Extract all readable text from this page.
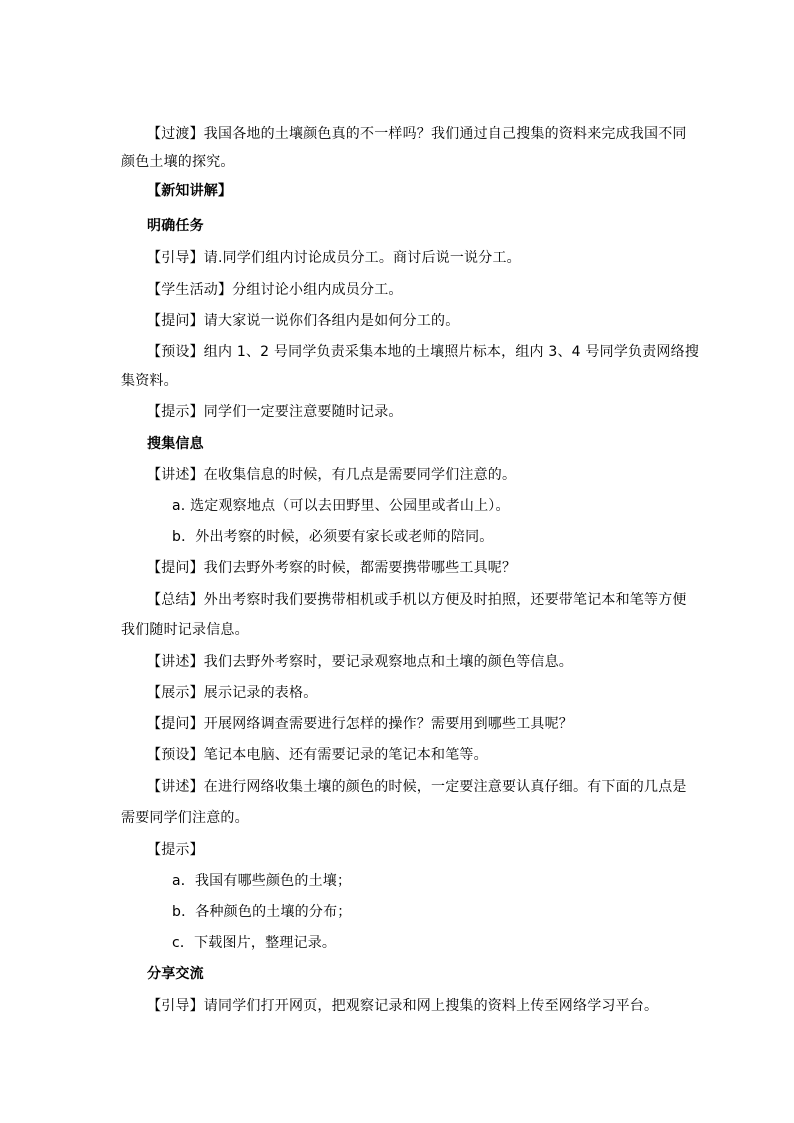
【过渡】我国各地的土壤颜色真的不一样吗？我们通过自己搜集的资料来完成我国不同
颜色土壤的探究。
【新知讲解】
明确任务
【引导】请.同学们组内讨论成员分工。商讨后说一说分工。
【学生活动】分组讨论小组内成员分工。
【提问】请大家说一说你们各组内是如何分工的。
【预设】组内 1、2 号同学负责采集本地的土壤照片标本，组内 3、4 号同学负责网络搜
集资料。
【提示】同学们一定要注意要随时记录。
搜集信息
【讲述】在收集信息的时候，有几点是需要同学们注意的。
a. 选定观察地点（可以去田野里、公园里或者山上）。
b．外出考察的时候，必须要有家长或老师的陪同。
【提问】我们去野外考察的时候，都需要携带哪些工具呢？
【总结】外出考察时我们要携带相机或手机以方便及时拍照，还要带笔记本和笔等方便
我们随时记录信息。
【讲述】我们去野外考察时，要记录观察地点和土壤的颜色等信息。
【展示】展示记录的表格。
【提问】开展网络调查需要进行怎样的操作？需要用到哪些工具呢？
【预设】笔记本电脑、还有需要记录的笔记本和笔等。
【讲述】在进行网络收集土壤的颜色的时候，一定要注意要认真仔细。有下面的几点是
需要同学们注意的。
【提示】
a．我国有哪些颜色的土壤；
b．各种颜色的土壤的分布；
c．下载图片，整理记录。
分享交流
【引导】请同学们打开网页，把观察记录和网上搜集的资料上传至网络学习平台。
